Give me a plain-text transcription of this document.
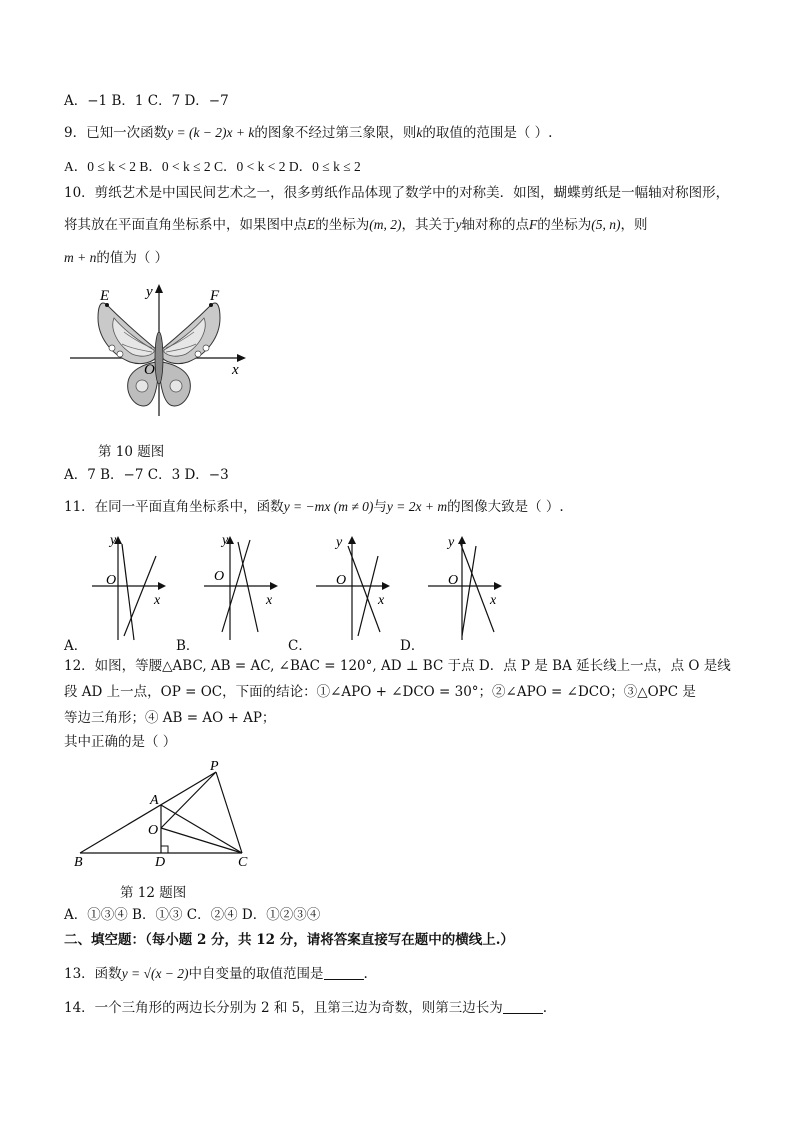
A．−1 B．1 C．7 D．−7
9．已知一次函数y = (k − 2)x + k的图象不经过第三象限，则k的取值的范围是（ ）.
A．0 ≤ k < 2 B．0 < k ≤ 2 C．0 < k < 2 D．0 ≤ k ≤ 2
10．剪纸艺术是中国民间艺术之一，很多剪纸作品体现了数学中的对称美．如图，蝴蝶剪纸是一幅轴对称图形，
将其放在平面直角坐标系中，如果图中点E的坐标为(m, 2)，其关于y轴对称的点F的坐标为(5, n)，则
m + n的值为（ ）
E	F
y
x
O
第 10 题图
A．7 B．−7 C．3 D．−3
11．在同一平面直角坐标系中，函数y = −mx (m ≠ 0)与y = 2x + m的图像大致是（ ）.
y
x
O
y
x
O
y
x
O
y
x
O
A．	B．	C．	D．
12．如图，等腰△ABC, AB = AC, ∠BAC = 120°, AD ⊥ BC 于点 D．点 P 是 BA 延长线上一点，点 O 是线
段 AD 上一点，OP = OC，下面的结论：①∠APO + ∠DCO = 30°；②∠APO = ∠DCO；③△OPC 是
等边三角形；④ AB = AO + AP；
其中正确的是（ ）
P
A
O
B	D	C
第 12 题图
A．①③④ B．①③ C．②④ D．①②③④
二、填空题：（每小题 2 分，共 12 分，请将答案直接写在题中的横线上.）
13．函数y = √(x − 2)中自变量的取值范围是	.
14．一个三角形的两边长分别为 2 和 5，且第三边为奇数，则第三边长为	.
